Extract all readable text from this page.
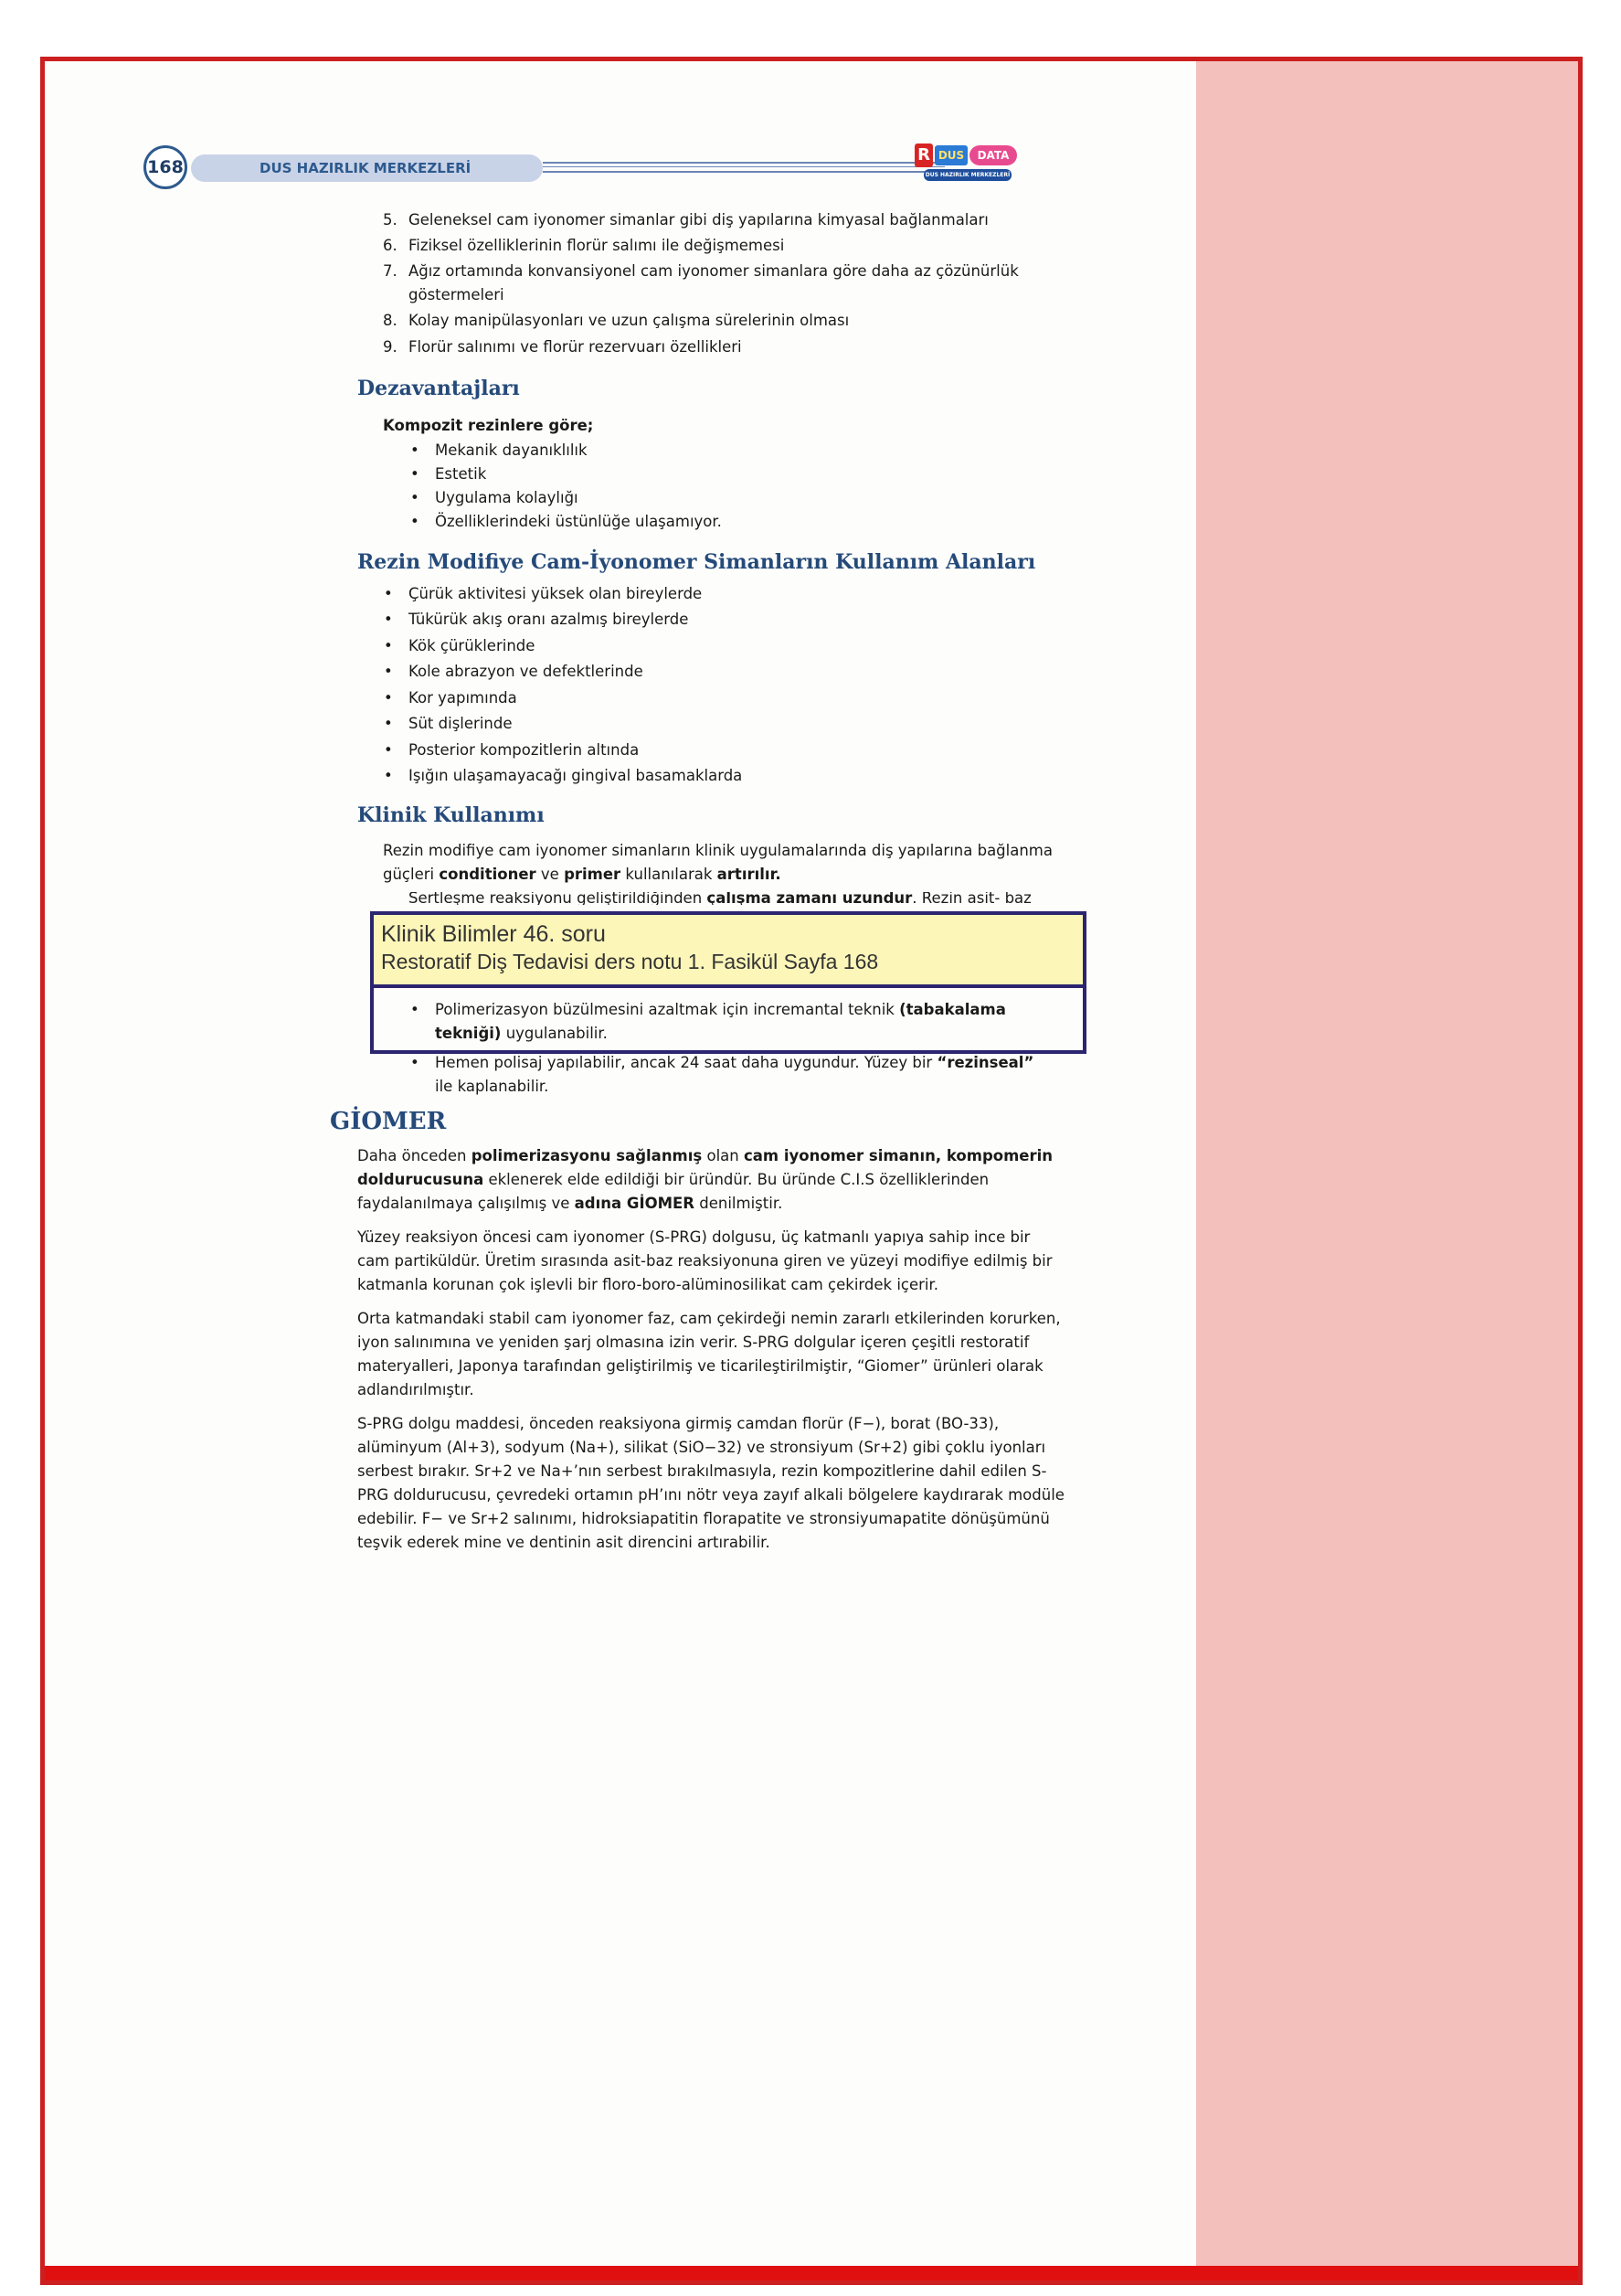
168	DUS HAZIRLIK MERKEZLERİ
R DUS	DATA
DUS HAZIRLIK MERKEZLERİ
5. Geleneksel cam iyonomer simanlar gibi diş yapılarına kimyasal bağlanmaları
6. Fiziksel özelliklerinin florür salımı ile değişmemesi
7. Ağız ortamında konvansiyonel cam iyonomer simanlara göre daha az çözünürlük
göstermeleri
8. Kolay manipülasyonları ve uzun çalışma sürelerinin olması
9. Florür salınımı ve florür rezervuarı özellikleri
Dezavantajları
Kompozit rezinlere göre;
• Mekanik dayanıklılık
• Estetik
• Uygulama kolaylığı
• Özelliklerindeki üstünlüğe ulaşamıyor.
Rezin Modifiye Cam-İyonomer Simanların Kullanım Alanları
• Çürük aktivitesi yüksek olan bireylerde
• Tükürük akış oranı azalmış bireylerde
• Kök çürüklerinde
• Kole abrazyon ve defektlerinde
• Kor yapımında
• Süt dişlerinde
• Posterior kompozitlerin altında
• Işığın ulaşamayacağı gingival basamaklarda
Klinik Kullanımı
Rezin modifiye cam iyonomer simanların klinik uygulamalarında diş yapılarına bağlanma
güçleri conditioner ve primer kullanılarak artırılır.
• Sertleşme reaksiyonu geliştirildiğinden çalışma zamanı uzundur. Rezin asit- baz
• Polimerizasyon büzülmesini azaltmak için incremantal teknik (tabakalama
tekniği) uygulanabilir.
• Hemen polisaj yapılabilir, ancak 24 saat daha uygundur. Yüzey bir “rezinseal”
ile kaplanabilir.
Klinik Bilimler 46. soru
Restoratif Diş Tedavisi ders notu 1. Fasikül Sayfa 168
GİOMER
Daha önceden polimerizasyonu sağlanmış olan cam iyonomer simanın, kompomerin
doldurucusuna eklenerek elde edildiği bir üründür. Bu üründe C.I.S özelliklerinden
faydalanılmaya çalışılmış ve adına GİOMER denilmiştir.
Yüzey reaksiyon öncesi cam iyonomer (S-PRG) dolgusu, üç katmanlı yapıya sahip ince bir
cam partiküldür. Üretim sırasında asit-baz reaksiyonuna giren ve yüzeyi modifiye edilmiş bir
katmanla korunan çok işlevli bir floro-boro-alüminosilikat cam çekirdek içerir.
Orta katmandaki stabil cam iyonomer faz, cam çekirdeği nemin zararlı etkilerinden korurken,
iyon salınımına ve yeniden şarj olmasına izin verir. S-PRG dolgular içeren çeşitli restoratif
materyalleri, Japonya tarafından geliştirilmiş ve ticarileştirilmiştir, “Giomer” ürünleri olarak
adlandırılmıştır.
S-PRG dolgu maddesi, önceden reaksiyona girmiş camdan florür (F−), borat (BO-33),
alüminyum (Al+3), sodyum (Na+), silikat (SiO−32) ve stronsiyum (Sr+2) gibi çoklu iyonları
serbest bırakır. Sr+2 ve Na+’nın serbest bırakılmasıyla, rezin kompozitlerine dahil edilen S-
PRG doldurucusu, çevredeki ortamın pH’ını nötr veya zayıf alkali bölgelere kaydırarak modüle
edebilir. F− ve Sr+2 salınımı, hidroksiapatitin florapatite ve stronsiyumapatite dönüşümünü
teşvik ederek mine ve dentinin asit direncini artırabilir.
